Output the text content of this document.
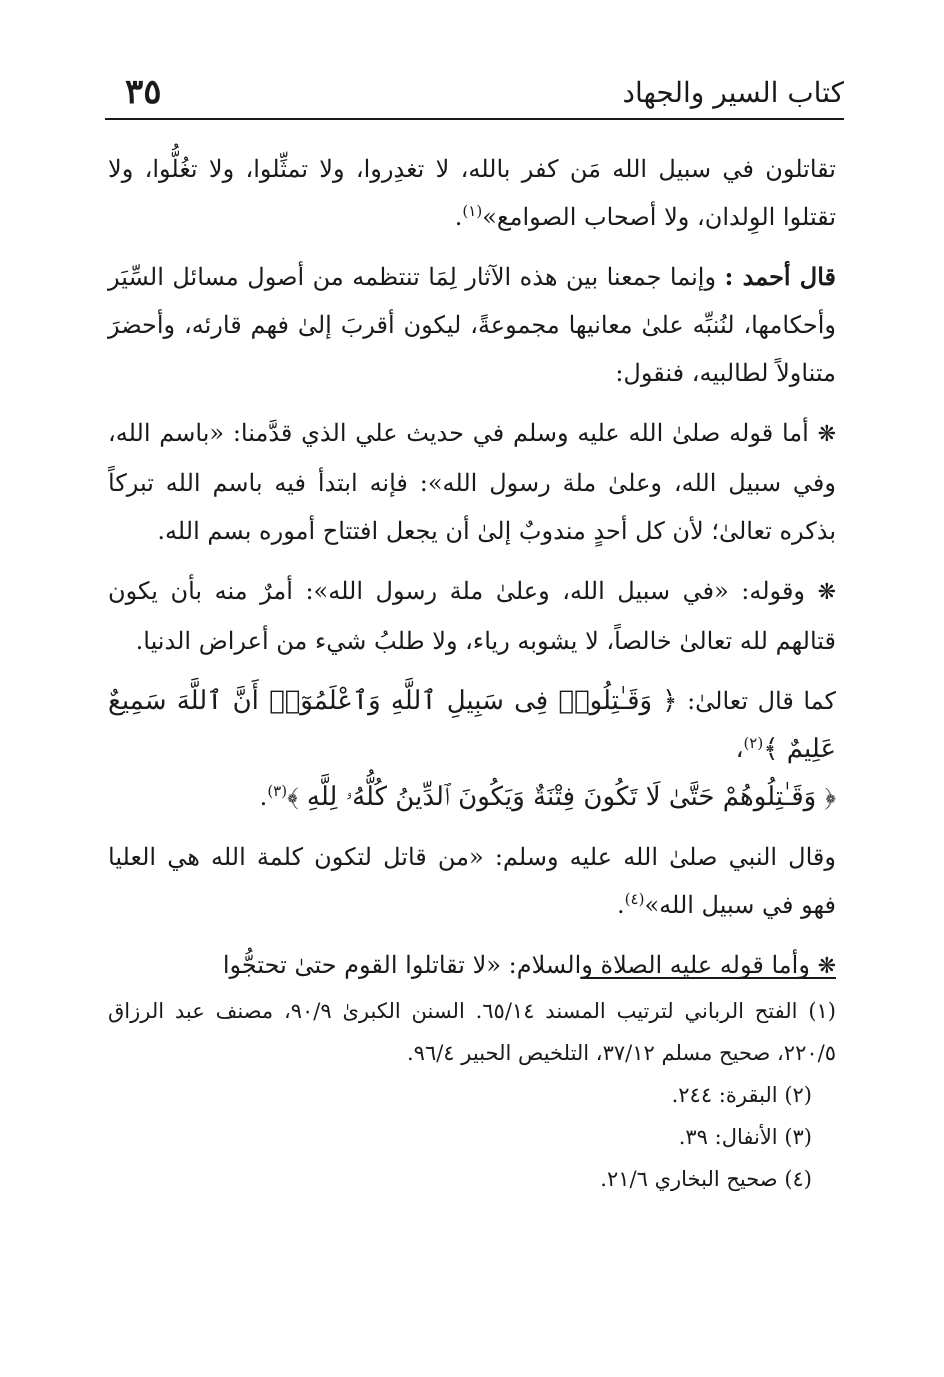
كتاب السير والجهاد
٣٥

تقاتلون في سبيل الله مَن كفر بالله، لا تغدِروا، ولا تمثِّلوا، ولا تغُلُّوا، ولا تقتلوا الوِلدان، ولا أصحاب الصوامع»$^{(١)}$.

قال أحمد : وإنما جمعنا بين هذه الآثار لِمَا تنتظمه من أصول مسائل السِّيَر وأحكامها، لنُنبِّه علىٰ معانيها مجموعةً، ليكون أقربَ إلىٰ فهم قارئه، وأحضرَ متناولاً لطالبيه، فنقول:

❋ أما قوله صلىٰ الله عليه وسلم في حديث علي الذي قدَّمنا: «باسم الله، وفي سبيل الله، وعلىٰ ملة رسول الله»: فإنه ابتدأ فيه باسم الله تبركاً بذكره تعالىٰ؛ لأن كل أحدٍ مندوبٌ إلىٰ أن يجعل افتتاح أموره بسم الله.

❋ وقوله: «في سبيل الله، وعلىٰ ملة رسول الله»: أمرٌ منه بأن يكون قتالهم لله تعالىٰ خالصاً، لا يشوبه رياء، ولا طلبُ شيء من أعراض الدنيا.

كما قال تعالىٰ: ﴿ وَقَـٰتِلُوا۟ فِى سَبِيلِ ٱللَّهِ وَٱعْلَمُوٓا۟ أَنَّ ٱللَّهَ سَمِيعٌ عَلِيمٌ ﴾$^{(٢)}$،
﴿ وَقَـٰتِلُوهُمْ حَتَّىٰ لَا تَكُونَ فِتْنَةٌ وَيَكُونَ ٱلدِّينُ كُلُّهُۥ لِلَّهِ ﴾$^{(٣)}$.

وقال النبي صلىٰ الله عليه وسلم: «من قاتل لتكون كلمة الله هي العليا فهو في سبيل الله»$^{(٤)}$.

❋ وأما قوله عليه الصلاة والسلام: «لا تقاتلوا القوم حتىٰ تحتجُّوا

(١) الفتح الرباني لترتيب المسند ٦٥/١٤. السنن الكبرىٰ ٩٠/٩، مصنف عبد الرزاق ٢٢٠/٥، صحيح مسلم ٣٧/١٢، التلخيص الحبير ٩٦/٤.

(٢) البقرة: ٢٤٤.

(٣) الأنفال: ٣٩.

(٤) صحيح البخاري ٢١/٦.
